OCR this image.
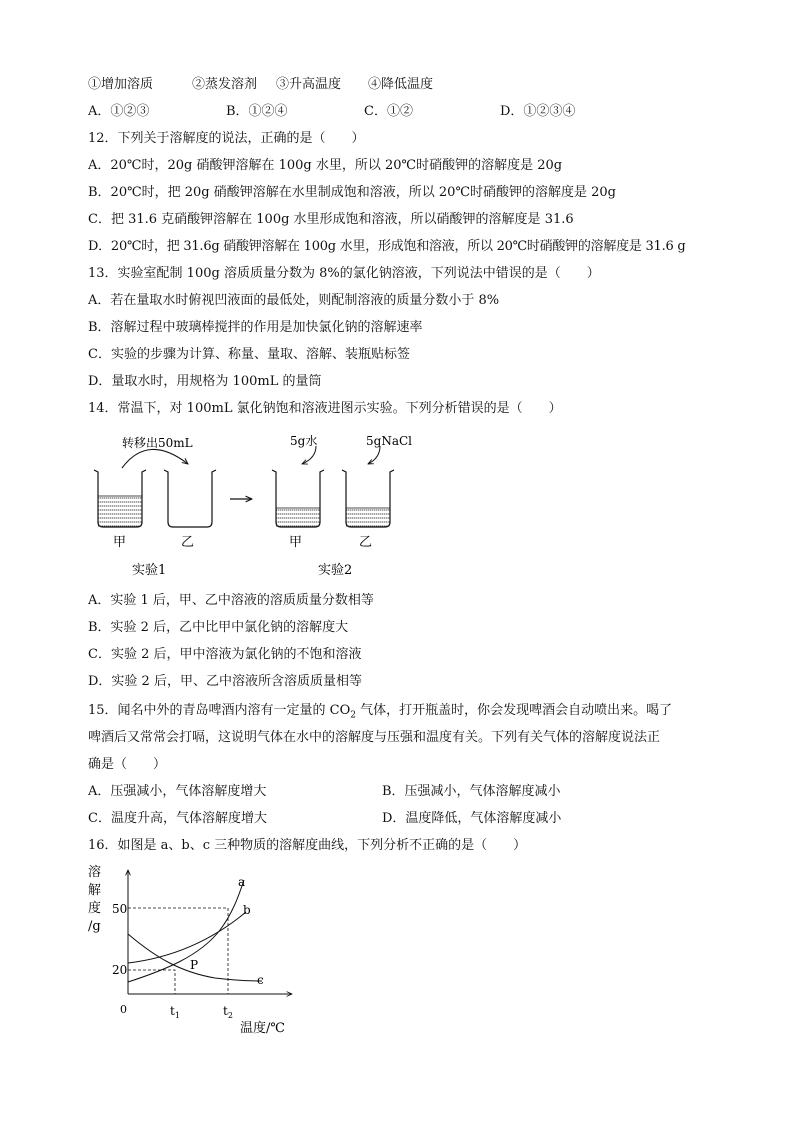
①增加溶质	②蒸发溶剂 ③升高温度 ④降低温度
A．①②③	B．①②④	C．①②	D．①②③④
12．下列关于溶解度的说法，正确的是（　　）
A．20℃时，20g 硝酸钾溶解在 100g 水里，所以 20℃时硝酸钾的溶解度是 20g
B．20℃时，把 20g 硝酸钾溶解在水里制成饱和溶液，所以 20℃时硝酸钾的溶解度是 20g
C．把 31.6 克硝酸钾溶解在 100g 水里形成饱和溶液，所以硝酸钾的溶解度是 31.6
D．20℃时，把 31.6g 硝酸钾溶解在 100g 水里，形成饱和溶液，所以 20℃时硝酸钾的溶解度是 31.6 g
13．实验室配制 100g 溶质质量分数为 8%的氯化钠溶液，下列说法中错误的是（　　）
A．若在量取水时俯视凹液面的最低处，则配制溶液的质量分数小于 8%
B．溶解过程中玻璃棒搅拌的作用是加快氯化钠的溶解速率
C．实验的步骤为计算、称量、量取、溶解、装瓶贴标签
D．量取水时，用规格为 100mL 的量筒
14．常温下，对 100mL 氯化钠饱和溶液进图示实验。下列分析错误的是（　　）
转移出50mL	5g水	5gNaCl
甲	乙	甲	乙
实验1	实验2
A．实验 1 后，甲、乙中溶液的溶质质量分数相等
B．实验 2 后，乙中比甲中氯化钠的溶解度大
C．实验 2 后，甲中溶液为氯化钠的不饱和溶液
D．实验 2 后，甲、乙中溶液所含溶质质量相等
15．闻名中外的青岛啤酒内溶有一定量的 $CO_2$ 气体，打开瓶盖时，你会发现啤酒会自动喷出来。喝了
啤酒后又常常会打嗝，这说明气体在水中的溶解度与压强和温度有关。下列有关气体的溶解度说法正
确是（　　）
A．压强减小，气体溶解度增大	B．压强减小，气体溶解度减小
C．温度升高，气体溶解度增大	D．温度降低，气体溶解度减小
16．如图是 a、b、c 三种物质的溶解度曲线，下列分析不正确的是（　　）
溶
解
度
/g
a
b
c
P
50
20
0	$t_1$	$t_2$
温度/℃
